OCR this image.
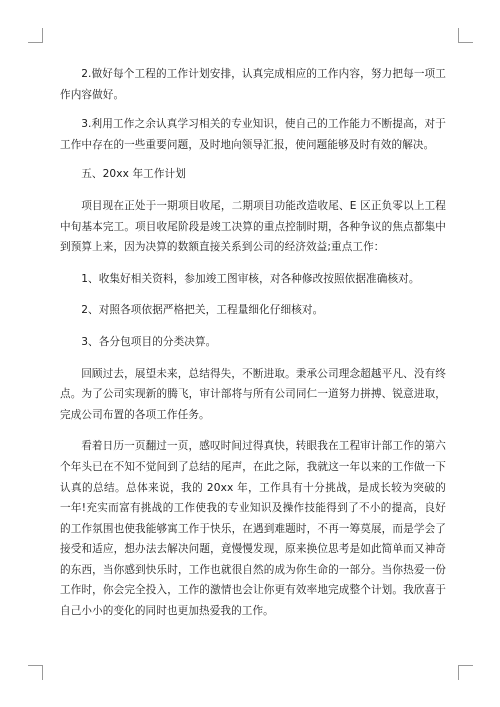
2.做好每个工程的工作计划安排，认真完成相应的工作内容，努力把每一项工作内容做好。

3.利用工作之余认真学习相关的专业知识，使自己的工作能力不断提高，对于工作中存在的一些重要问题，及时地向领导汇报，使问题能够及时有效的解决。

五、20xx 年工作计划

项目现在正处于一期项目收尾，二期项目功能改造收尾、E 区正负零以上工程中旬基本完工。项目收尾阶段是竣工决算的重点控制时期，各种争议的焦点都集中到预算上来，因为决算的数额直接关系到公司的经济效益;重点工作：

1、收集好相关资料，参加竣工图审核，对各种修改按照依据准确核对。

2、对照各项依据严格把关，工程量细化仔细核对。

3、各分包项目的分类决算。

回顾过去，展望未来，总结得失，不断进取。秉承公司理念超越平凡、没有终点。为了公司实现新的腾飞，审计部将与所有公司同仁一道努力拼搏、锐意进取，完成公司布置的各项工作任务。

看着日历一页翻过一页，感叹时间过得真快，转眼我在工程审计部工作的第六个年头已在不知不觉间到了总结的尾声，在此之际，我就这一年以来的工作做一下认真的总结。总体来说，我的 20xx 年，工作具有十分挑战，是成长较为突破的一年!充实而富有挑战的工作使我的专业知识及操作技能得到了不小的提高，良好的工作氛围也使我能够寓工作于快乐，在遇到难题时，不再一筹莫展，而是学会了接受和适应，想办法去解决问题，竟慢慢发现，原来换位思考是如此简单而又神奇的东西，当你感到快乐时，工作也就很自然的成为你生命的一部分。当你热爱一份工作时，你会完全投入，工作的激情也会让你更有效率地完成整个计划。我欣喜于自己小小的变化的同时也更加热爱我的工作。
